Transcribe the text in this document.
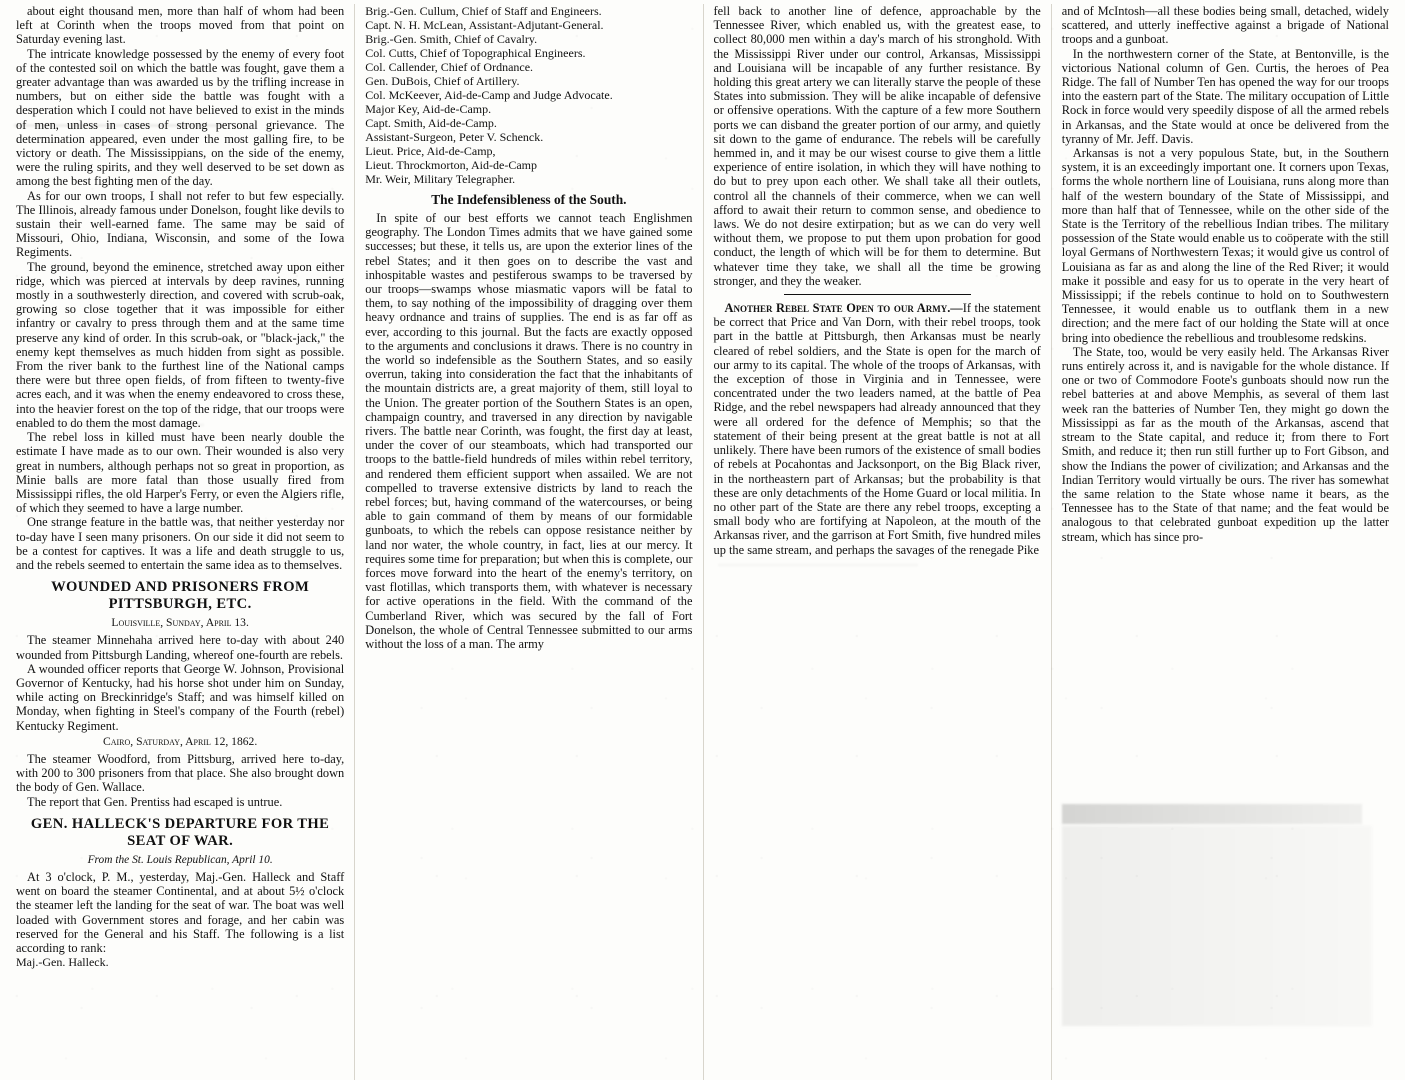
about eight thousand men, more than half of whom had been left at Corinth when the troops moved from that point on Saturday evening last.

The intricate knowledge possessed by the enemy of every foot of the contested soil on which the battle was fought, gave them a greater advantage than was awarded us by the trifling increase in numbers, but on either side the battle was fought with a desperation which I could not have believed to exist in the minds of men, unless in cases of strong personal grievance. The determination appeared, even under the most galling fire, to be victory or death. The Mississippians, on the side of the enemy, were the ruling spirits, and they well deserved to be set down as among the best fighting men of the day.

As for our own troops, I shall not refer to but few especially. The Illinois, already famous under Donelson, fought like devils to sustain their well-earned fame. The same may be said of Missouri, Ohio, Indiana, Wisconsin, and some of the Iowa Regiments.

The ground, beyond the eminence, stretched away upon either ridge, which was pierced at intervals by deep ravines, running mostly in a southwesterly direction, and covered with scrub-oak, growing so close together that it was impossible for either infantry or cavalry to press through them and at the same time preserve any kind of order. In this scrub-oak, or "black-jack," the enemy kept themselves as much hidden from sight as possible. From the river bank to the furthest line of the National camps there were but three open fields, of from fifteen to twenty-five acres each, and it was when the enemy endeavored to cross these, into the heavier forest on the top of the ridge, that our troops were enabled to do them the most damage.

The rebel loss in killed must have been nearly double the estimate I have made as to our own. Their wounded is also very great in numbers, although perhaps not so great in proportion, as Minie balls are more fatal than those usually fired from Mississippi rifles, the old Harper's Ferry, or even the Algiers rifle, of which they seemed to have a large number.

One strange feature in the battle was, that neither yesterday nor to-day have I seen many prisoners. On our side it did not seem to be a contest for captives. It was a life and death struggle to us, and the rebels seemed to entertain the same idea as to themselves.

WOUNDED AND PRISONERS FROM PITTSBURGH, ETC.
Louisville, Sunday, April 13.

The steamer Minnehaha arrived here to-day with about 240 wounded from Pittsburgh Landing, whereof one-fourth are rebels.

A wounded officer reports that George W. Johnson, Provisional Governor of Kentucky, had his horse shot under him on Sunday, while acting on Breckinridge's Staff; and was himself killed on Monday, when fighting in Steel's company of the Fourth (rebel) Kentucky Regiment.

Cairo, Saturday, April 12, 1862.

The steamer Woodford, from Pittsburg, arrived here to-day, with 200 to 300 prisoners from that place. She also brought down the body of Gen. Wallace.

The report that Gen. Prentiss had escaped is untrue.

GEN. HALLECK'S DEPARTURE FOR THE SEAT OF WAR.
From the St. Louis Republican, April 10.

At 3 o'clock, P. M., yesterday, Maj.-Gen. Halleck and Staff went on board the steamer Continental, and at about 5½ o'clock the steamer left the landing for the seat of war. The boat was well loaded with Government stores and forage, and her cabin was reserved for the General and his Staff. The following is a list according to rank:

Maj.-Gen. Halleck.
Brig.-Gen. Cullum, Chief of Staff and Engineers.
Capt. N. H. McLean, Assistant-Adjutant-General.
Brig.-Gen. Smith, Chief of Cavalry.
Col. Cutts, Chief of Topographical Engineers.
Col. Callender, Chief of Ordnance.
Gen. DuBois, Chief of Artillery.
Col. McKeever, Aid-de-Camp and Judge Advocate.
Major Key, Aid-de-Camp.
Capt. Smith, Aid-de-Camp.
Assistant-Surgeon, Peter V. Schenck.
Lieut. Price, Aid-de-Camp,
Lieut. Throckmorton, Aid-de-Camp
Mr. Weir, Military Telegrapher.
The Indefensibleness of the South.

In spite of our best efforts we cannot teach Englishmen geography. The London Times admits that we have gained some successes; but these, it tells us, are upon the exterior lines of the rebel States; and it then goes on to describe the vast and inhospitable wastes and pestiferous swamps to be traversed by our troops—swamps whose miasmatic vapors will be fatal to them, to say nothing of the impossibility of dragging over them heavy ordnance and trains of supplies. The end is as far off as ever, according to this journal. But the facts are exactly opposed to the arguments and conclusions it draws. There is no country in the world so indefensible as the Southern States, and so easily overrun, taking into consideration the fact that the inhabitants of the mountain districts are, a great majority of them, still loyal to the Union. The greater portion of the Southern States is an open, champaign country, and traversed in any direction by navigable rivers. The battle near Corinth, was fought, the first day at least, under the cover of our steamboats, which had transported our troops to the battle-field hundreds of miles within rebel territory, and rendered them efficient support when assailed. We are not compelled to traverse extensive districts by land to reach the rebel forces; but, having command of the watercourses, or being able to gain command of them by means of our formidable gunboats, to which the rebels can oppose resistance neither by land nor water, the whole country, in fact, lies at our mercy. It requires some time for preparation; but when this is complete, our forces move forward into the heart of the enemy's territory, on vast flotillas, which transports them, with whatever is necessary for active operations in the field. With the command of the Cumberland River, which was secured by the fall of Fort Donelson, the whole of Central Tennessee submitted to our arms without the loss of a man. The army

fell back to another line of defence, approachable by the Tennessee River, which enabled us, with the greatest ease, to collect 80,000 men within a day's march of his stronghold. With the Mississippi River under our control, Arkansas, Mississippi and Louisiana will be incapable of any further resistance. By holding this great artery we can literally starve the people of these States into submission. They will be alike incapable of defensive or offensive operations. With the capture of a few more Southern ports we can disband the greater portion of our army, and quietly sit down to the game of endurance. The rebels will be carefully hemmed in, and it may be our wisest course to give them a little experience of entire isolation, in which they will have nothing to do but to prey upon each other. We shall take all their outlets, control all the channels of their commerce, when we can well afford to await their return to common sense, and obedience to laws. We do not desire extirpation; but as we can do very well without them, we propose to put them upon probation for good conduct, the length of which will be for them to determine. But whatever time they take, we shall all the time be growing stronger, and they the weaker.

Another Rebel State Open to our Army.—If the statement be correct that Price and Van Dorn, with their rebel troops, took part in the battle at Pittsburgh, then Arkansas must be nearly cleared of rebel soldiers, and the State is open for the march of our army to its capital. The whole of the troops of Arkansas, with the exception of those in Virginia and in Tennessee, were concentrated under the two leaders named, at the battle of Pea Ridge, and the rebel newspapers had already announced that they were all ordered for the defence of Memphis; so that the statement of their being present at the great battle is not at all unlikely. There have been rumors of the existence of small bodies of rebels at Pocahontas and Jacksonport, on the Big Black river, in the northeastern part of Arkansas; but the probability is that these are only detachments of the Home Guard or local militia. In no other part of the State are there any rebel troops, excepting a small body who are fortifying at Napoleon, at the mouth of the Arkansas river, and the garrison at Fort Smith, five hundred miles up the same stream, and perhaps the savages of the renegade Pike

and of McIntosh—all these bodies being small, detached, widely scattered, and utterly ineffective against a brigade of National troops and a gunboat.

In the northwestern corner of the State, at Bentonville, is the victorious National column of Gen. Curtis, the heroes of Pea Ridge. The fall of Number Ten has opened the way for our troops into the eastern part of the State. The military occupation of Little Rock in force would very speedily dispose of all the armed rebels in Arkansas, and the State would at once be delivered from the tyranny of Mr. Jeff. Davis.

Arkansas is not a very populous State, but, in the Southern system, it is an exceedingly important one. It corners upon Texas, forms the whole northern line of Louisiana, runs along more than half of the western boundary of the State of Mississippi, and more than half that of Tennessee, while on the other side of the State is the Territory of the rebellious Indian tribes. The military possession of the State would enable us to coöperate with the still loyal Germans of Northwestern Texas; it would give us control of Louisiana as far as and along the line of the Red River; it would make it possible and easy for us to operate in the very heart of Mississippi; if the rebels continue to hold on to Southwestern Tennessee, it would enable us to outflank them in a new direction; and the mere fact of our holding the State will at once bring into obedience the rebellious and troublesome redskins.

The State, too, would be very easily held. The Arkansas River runs entirely across it, and is navigable for the whole distance. If one or two of Commodore Foote's gunboats should now run the rebel batteries at and above Memphis, as several of them last week ran the batteries of Number Ten, they might go down the Mississippi as far as the mouth of the Arkansas, ascend that stream to the State capital, and reduce it; from there to Fort Smith, and reduce it; then run still further up to Fort Gibson, and show the Indians the power of civilization; and Arkansas and the Indian Territory would virtually be ours. The river has somewhat the same relation to the State whose name it bears, as the Tennessee has to the State of that name; and the feat would be analogous to that celebrated gunboat expedition up the latter stream, which has since pro-
